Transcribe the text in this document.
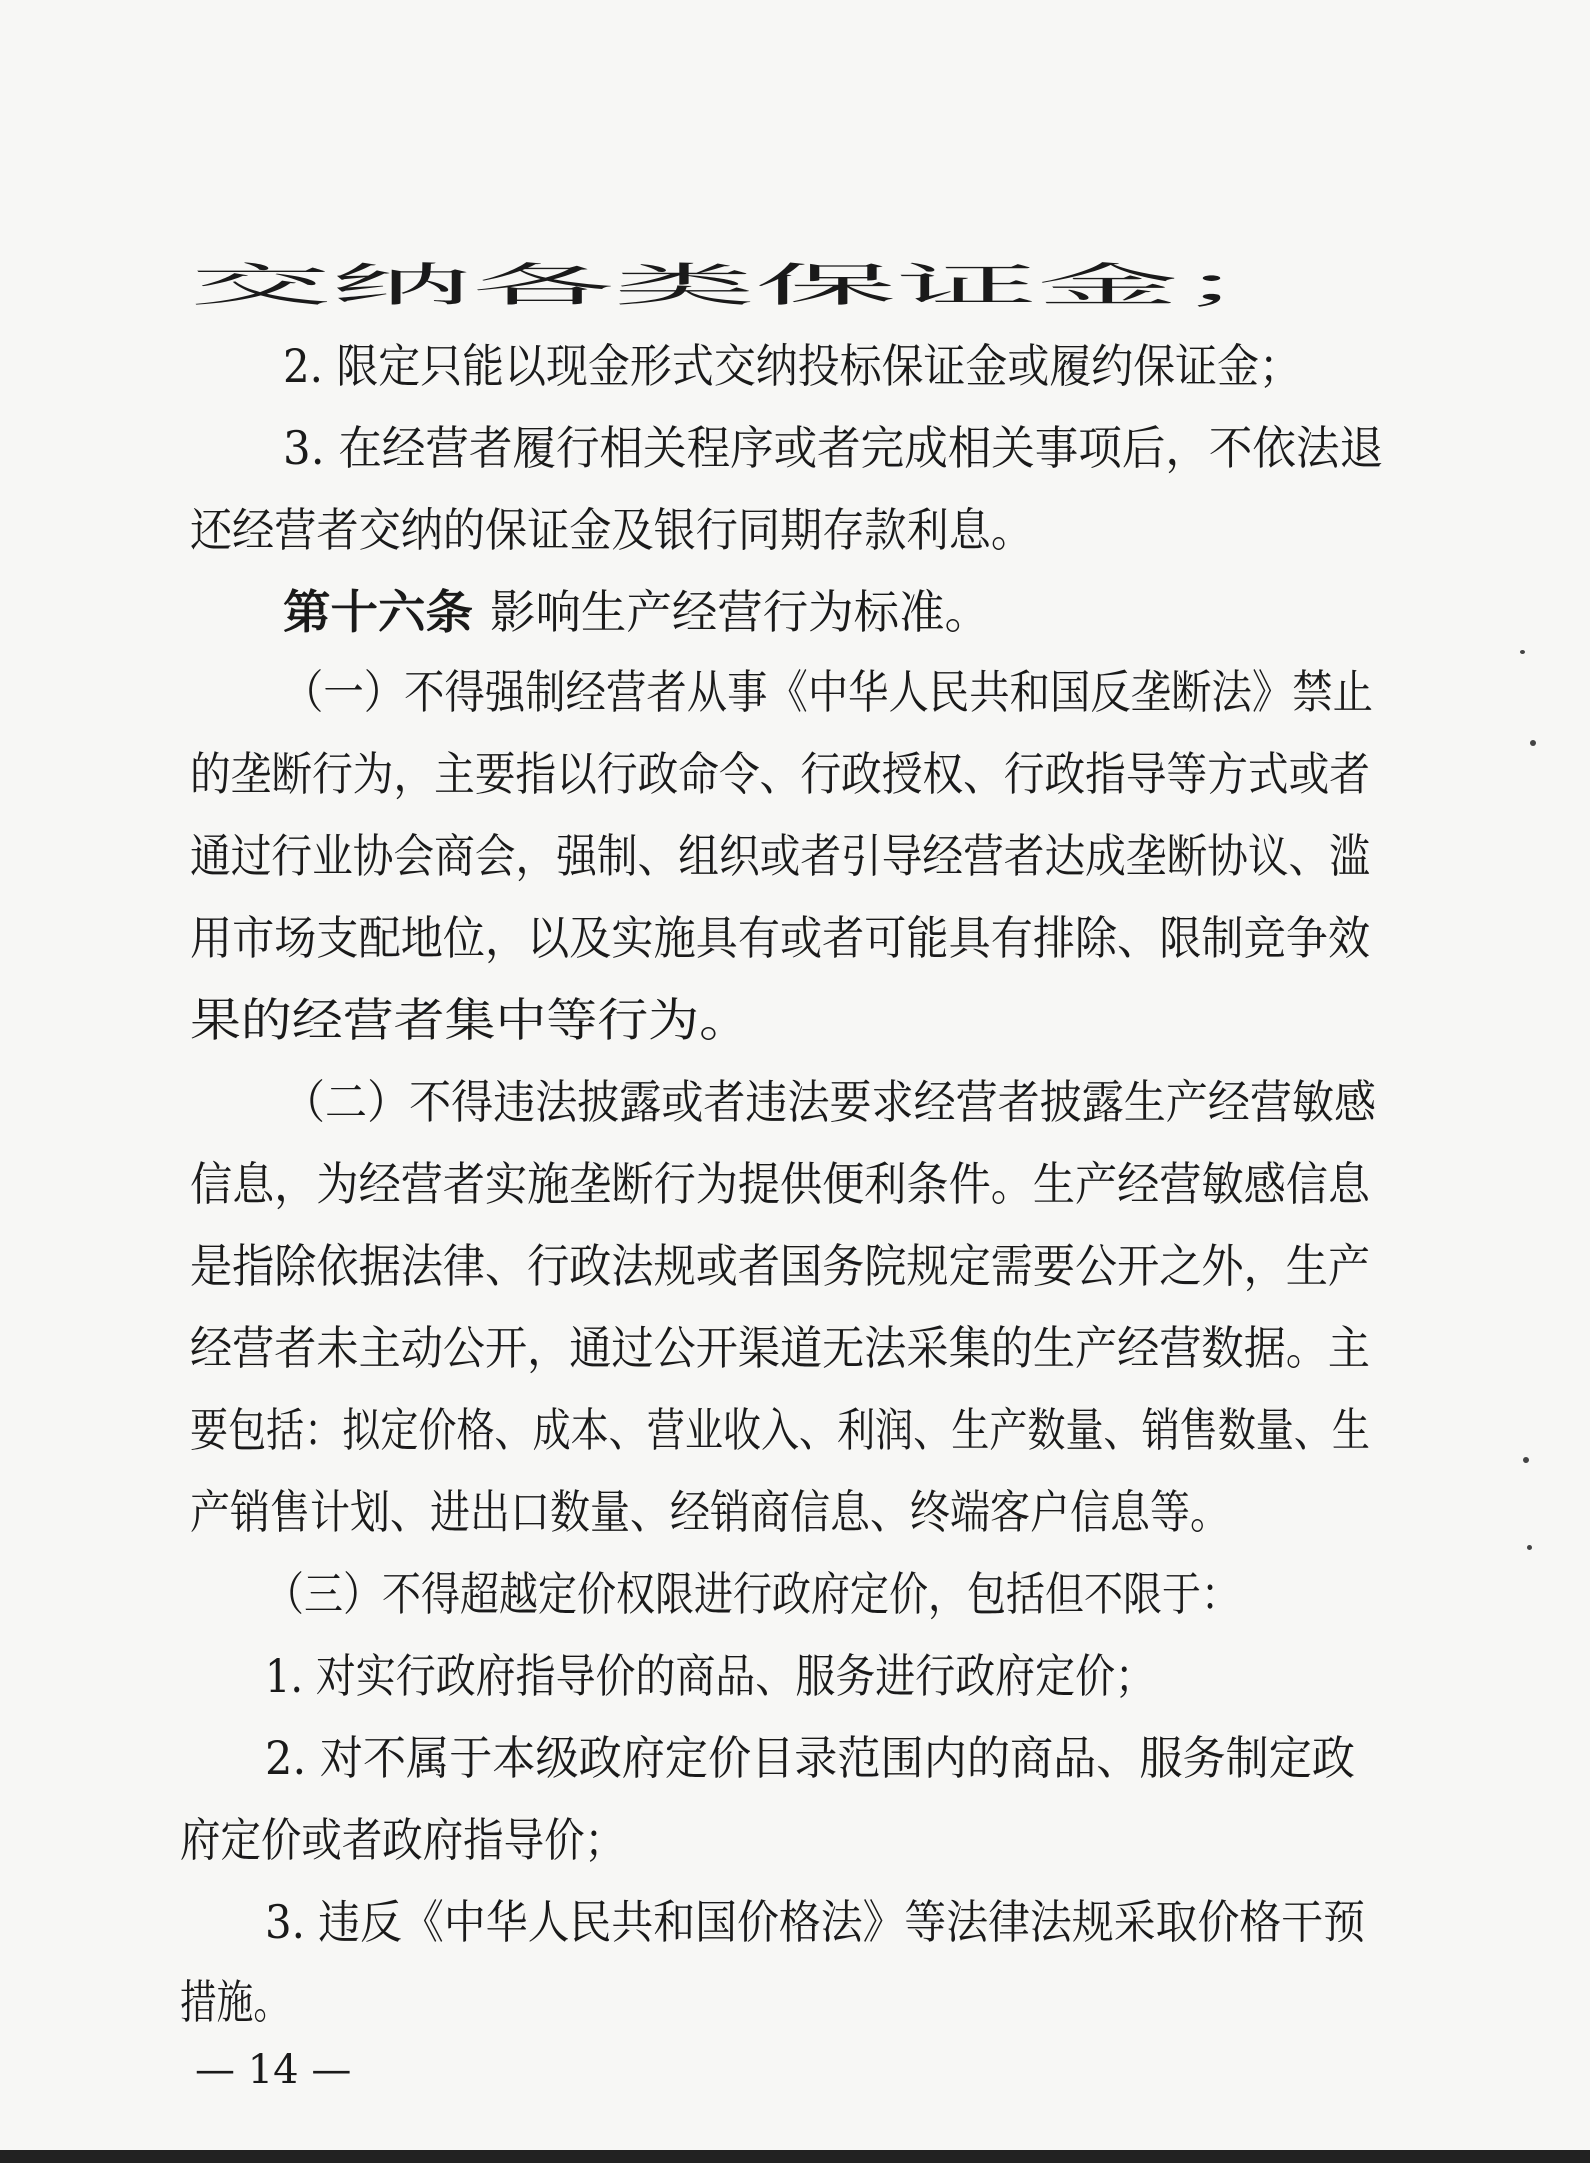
交纳各类保证金；
2. 限定只能以现金形式交纳投标保证金或履约保证金；
3. 在经营者履行相关程序或者完成相关事项后，不依法退
还经营者交纳的保证金及银行同期存款利息。
第十六条 影响生产经营行为标准。
（一）不得强制经营者从事《中华人民共和国反垄断法》禁止
的垄断行为，主要指以行政命令、行政授权、行政指导等方式或者
通过行业协会商会，强制、组织或者引导经营者达成垄断协议、滥
用市场支配地位，以及实施具有或者可能具有排除、限制竞争效
果的经营者集中等行为。
（二）不得违法披露或者违法要求经营者披露生产经营敏感
信息，为经营者实施垄断行为提供便利条件。生产经营敏感信息
是指除依据法律、行政法规或者国务院规定需要公开之外，生产
经营者未主动公开，通过公开渠道无法采集的生产经营数据。主
要包括：拟定价格、成本、营业收入、利润、生产数量、销售数量、生
产销售计划、进出口数量、经销商信息、终端客户信息等。
（三）不得超越定价权限进行政府定价，包括但不限于：
1. 对实行政府指导价的商品、服务进行政府定价；
2. 对不属于本级政府定价目录范围内的商品、服务制定政
府定价或者政府指导价；
3. 违反《中华人民共和国价格法》等法律法规采取价格干预
措施。
— 14 —
